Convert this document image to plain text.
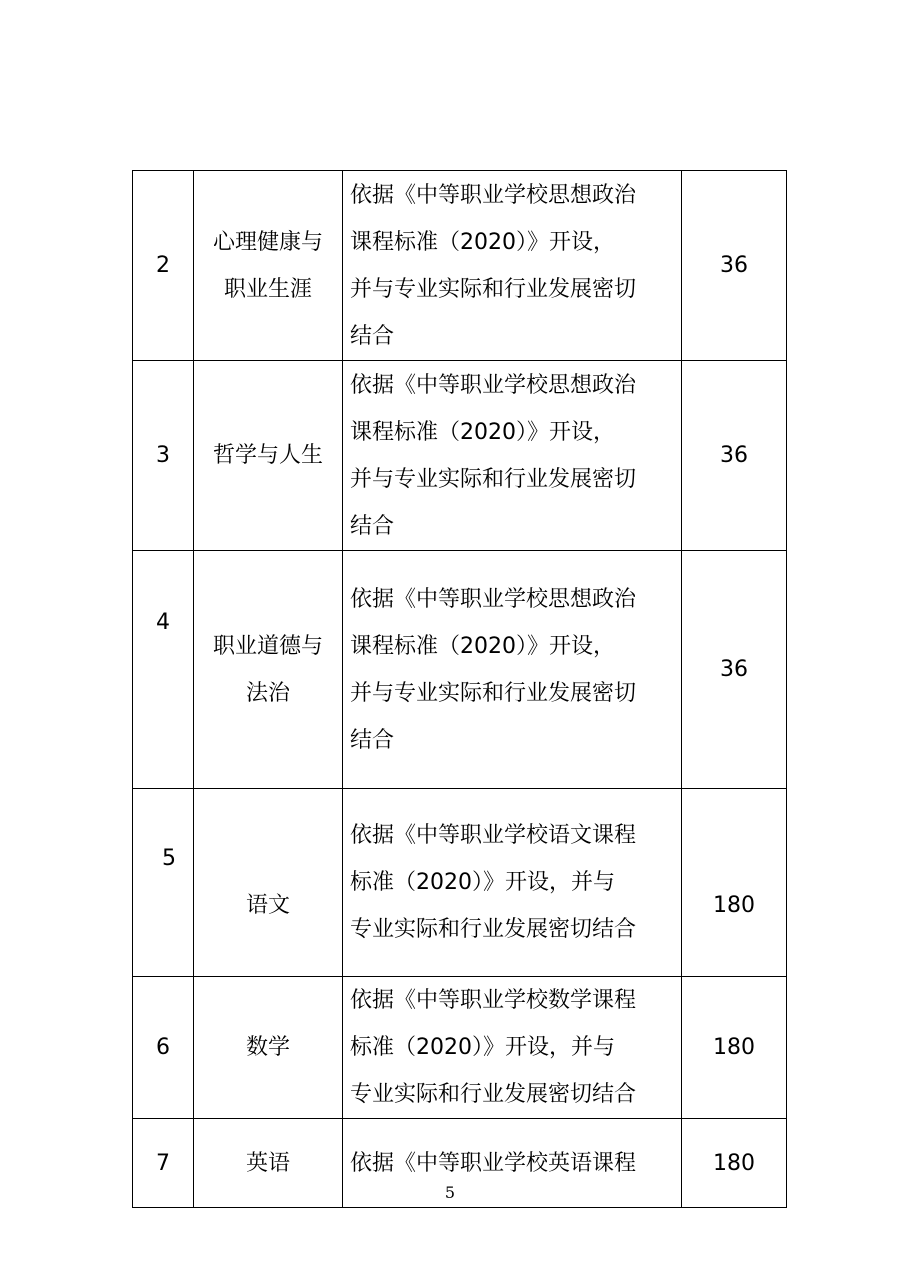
2	心理健康与
职业生涯	依据《中等职业学校思想政治
课程标准（2020）》开设，
并与专业实际和行业发展密切
结合	36
3	哲学与人生	依据《中等职业学校思想政治
课程标准（2020）》开设，
并与专业实际和行业发展密切
结合	36
4	职业道德与
法治	依据《中等职业学校思想政治
课程标准（2020）》开设，
并与专业实际和行业发展密切
结合	36
5	语文	依据《中等职业学校语文课程
标准（2020）》开设，并与
专业实际和行业发展密切结合	180
6	数学	依据《中等职业学校数学课程
标准（2020）》开设，并与
专业实际和行业发展密切结合	180
7	英语	依据《中等职业学校英语课程	180
5
